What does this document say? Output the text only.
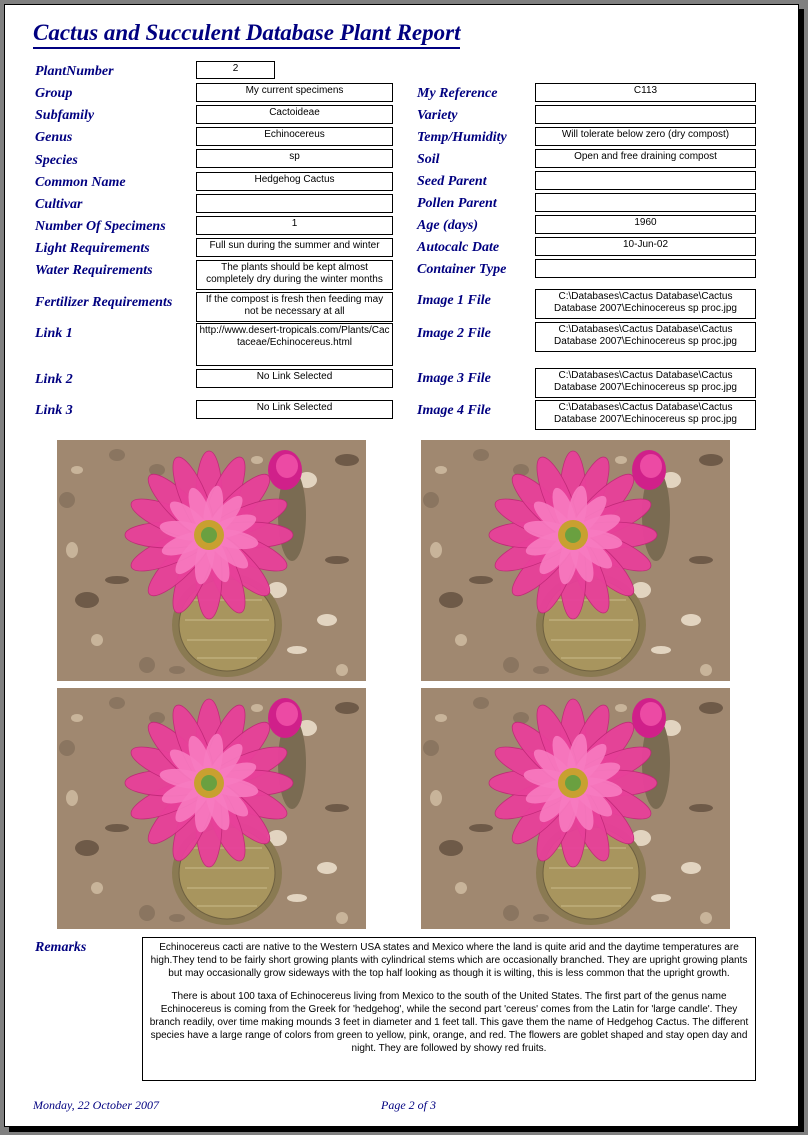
Cactus and Succulent Database Plant Report
PlantNumber	2
Group	My current specimens
Subfamily	Cactoideae
Genus	Echinocereus
Species	sp
Common Name	Hedgehog Cactus
Cultivar
Number Of Specimens	1
Light Requirements	Full sun during the summer and winter
Water Requirements	The plants should be kept almost completely dry during the winter months
Fertilizer Requirements	If the compost is fresh then feeding may not be necessary at all
Link 1	http://www.desert-tropicals.com/Plants/Cactaceae/Echinocereus.html
Link 2	No Link Selected
Link 3	No Link Selected
My Reference	C113
Variety
Temp/Humidity	Will tolerate below zero (dry compost)
Soil	Open and free draining compost
Seed Parent
Pollen Parent
Age (days)	1960
Autocalc Date	10-Jun-02
Container Type
Image 1 File	C:\Databases\Cactus Database\Cactus Database 2007\Echinocereus sp proc.jpg
Image 2 File	C:\Databases\Cactus Database\Cactus Database 2007\Echinocereus sp proc.jpg
Image 3 File	C:\Databases\Cactus Database\Cactus Database 2007\Echinocereus sp proc.jpg
Image 4 File	C:\Databases\Cactus Database\Cactus Database 2007\Echinocereus sp proc.jpg
Remarks	Echinocereus cacti are native to the Western USA states and Mexico where the land is quite arid and the daytime temperatures are high.They tend to be fairly short growing plants with cylindrical stems which are occasionally branched. They are upright growing plants but may occasionally grow sideways with the top half looking as though it is wilting, this is less common that the upright growth.

There is about 100 taxa of Echinocereus living from Mexico to the south of the United States. The first part of the genus name Echinocereus is coming from the Greek for 'hedgehog', while the second part 'cereus' comes from the Latin for 'large candle'. They branch readily, over time making mounds 3 feet in diameter and 1 feet tall. This gave them the name of Hedgehog Cactus. The different species have a large range of colors from green to yellow, pink, orange, and red. The flowers are goblet shaped and stay open day and night. They are followed by showy red fruits.

Monday, 22 October 2007	Page 2 of 3
